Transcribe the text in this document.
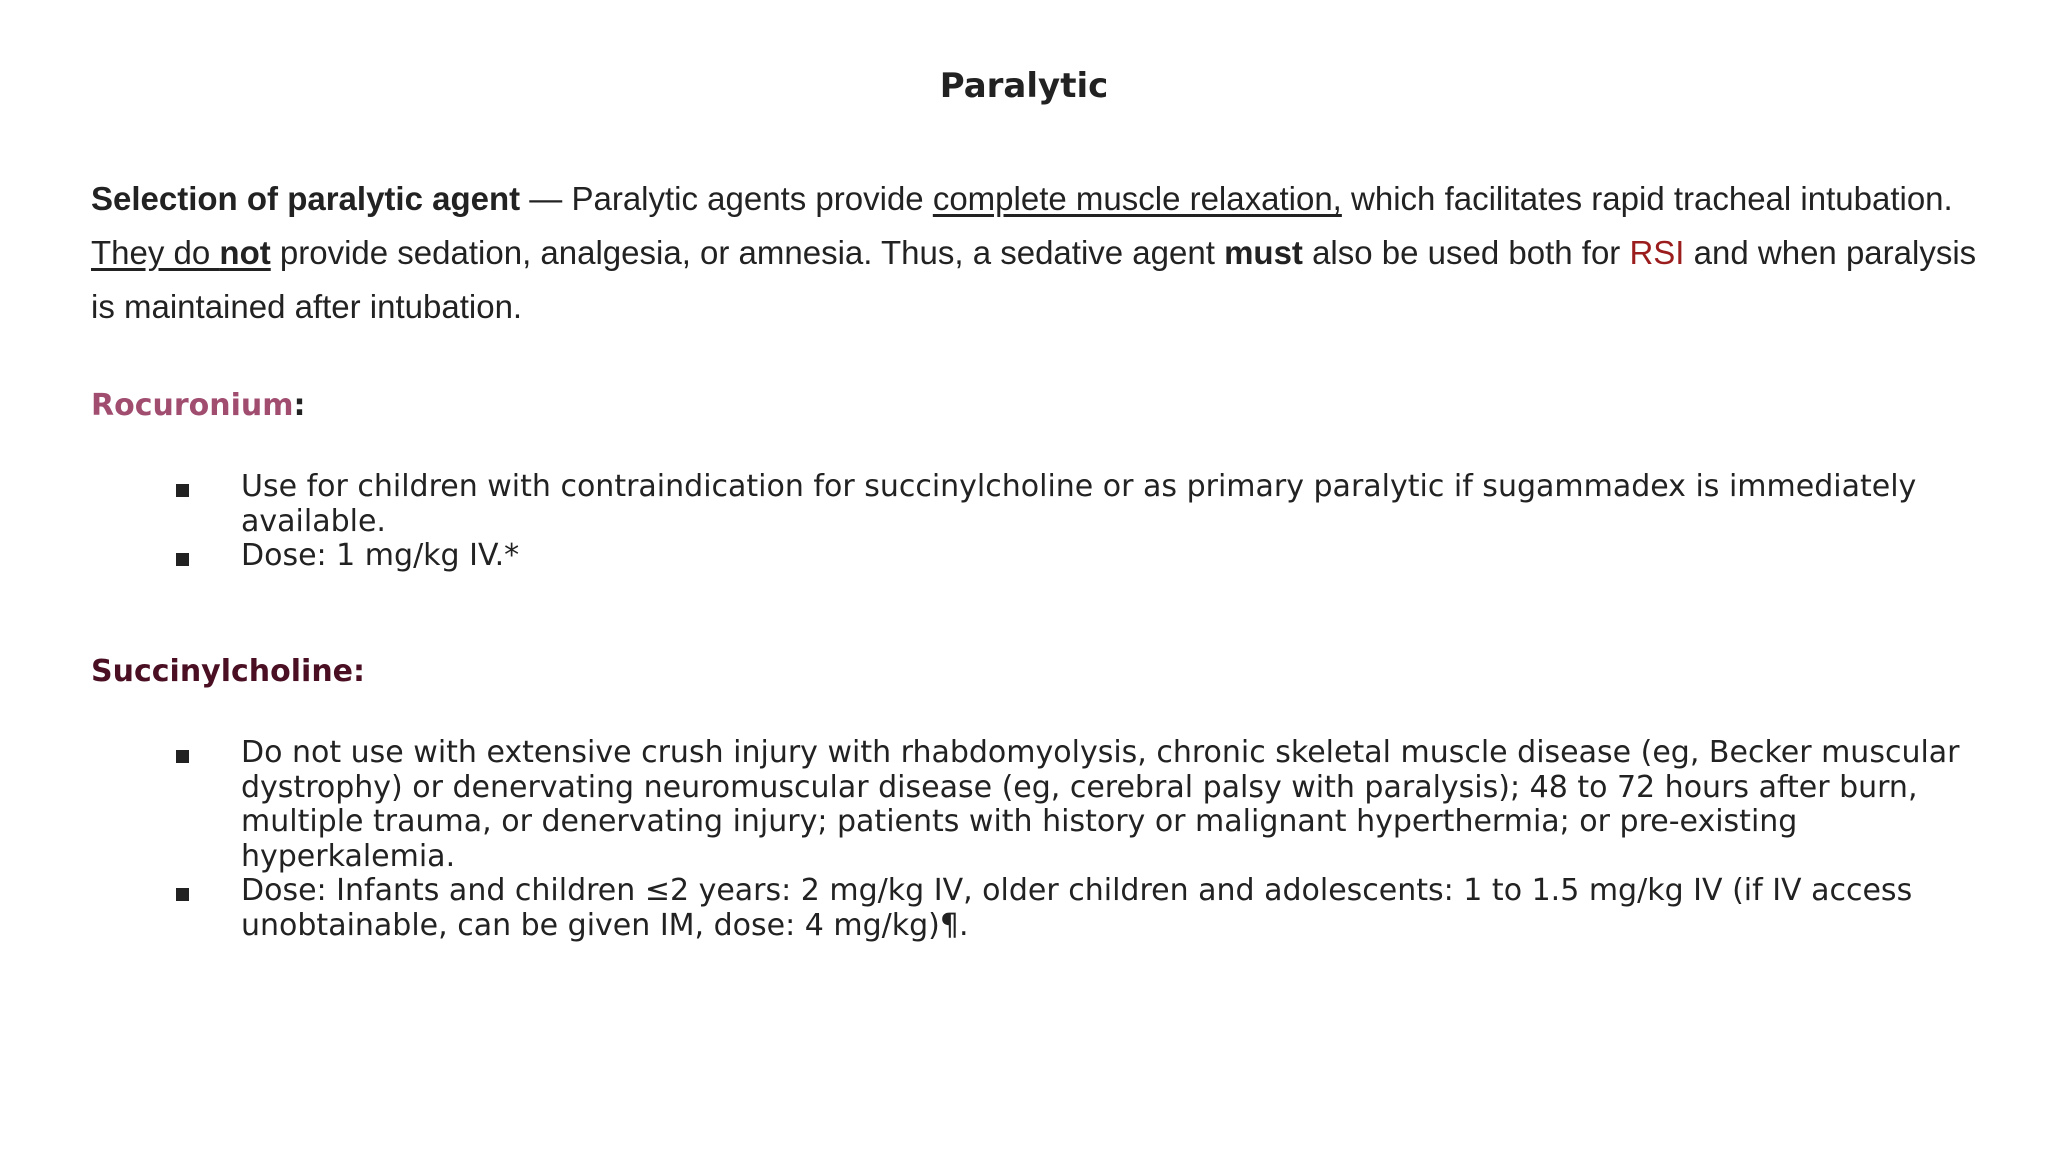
Paralytic

Selection of paralytic agent — Paralytic agents provide complete muscle relaxation, which facilitates rapid tracheal intubation. They do not provide sedation, analgesia, or amnesia. Thus, a sedative agent must also be used both for RSI and when paralysis is maintained after intubation.

Rocuronium:
Use for children with contraindication for succinylcholine or as primary paralytic if sugammadex is immediately available.
Dose: 1 mg/kg IV.*
Succinylcholine:
Do not use with extensive crush injury with rhabdomyolysis, chronic skeletal muscle disease (eg, Becker muscular dystrophy) or denervating neuromuscular disease (eg, cerebral palsy with paralysis); 48 to 72 hours after burn, multiple trauma, or denervating injury; patients with history or malignant hyperthermia; or pre-existing hyperkalemia.
Dose: Infants and children ≤2 years: 2 mg/kg IV, older children and adolescents: 1 to 1.5 mg/kg IV (if IV access unobtainable, can be given IM, dose: 4 mg/kg)¶.
